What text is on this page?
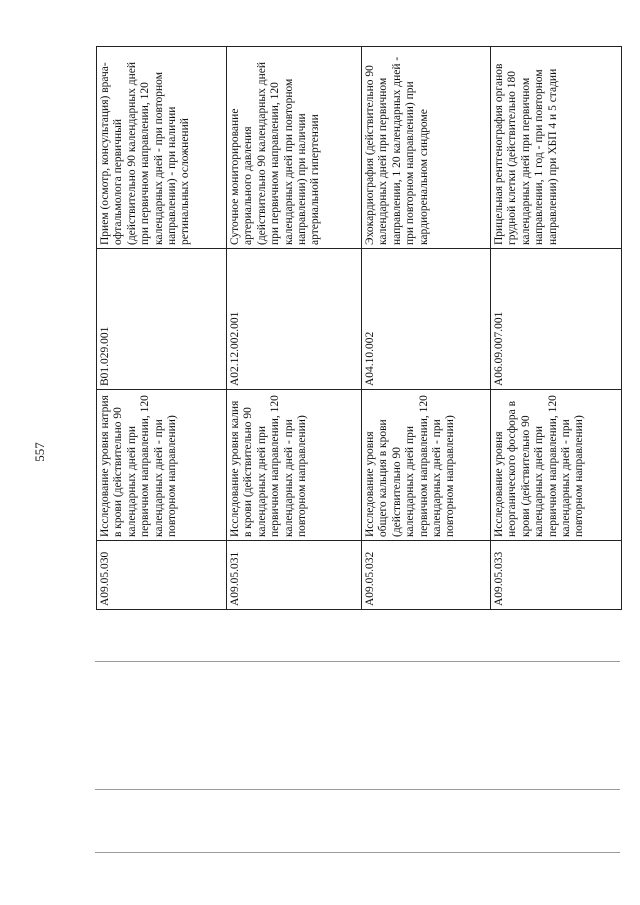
557
A09.05.030	Исследование уровня натрия в крови (действительно 90 календарных дней при первичном направлении, 120 календарных дней - при повторном направлении)	B01.029.001	Прием (осмотр, консультация) врача-офтальмолога первичный (действительно 90 календарных дней при первичном направлении, 120 календарных дней - при повторном направлении) - при наличии ретинальных осложнений

A09.05.031	Исследование уровня калия в крови (действительно 90 календарных дней при первичном направлении, 120 календарных дней - при повторном направлении)	A02.12.002.001	Суточное мониторирование артериального давления (действительно 90 календарных дней при первичном направлении, 120 календарных дней при повторном направлении) при наличии артериальной гипертензии

A09.05.032	Исследование уровня общего кальция в крови (действительно 90 календарных дней при первичном направлении, 120 календарных дней - при повторном направлении)	A04.10.002	Эхокардиография (действительно 90 календарных дней при первичном направлении, 1 20 календарных дней - при повторном направлении) при кардиоренальном синдроме

A09.05.033	Исследование уровня неорганического фосфора в крови (действительно 90 календарных дней при первичном направлении, 120 календарных дней - при повторном направлении)	A06.09.007.001	Прицельная рентгенография органов грудной клетки (действительно 180 календарных дней при первичном направлении, 1 год - при повторном направлении) при ХБП 4 и 5 стадии
